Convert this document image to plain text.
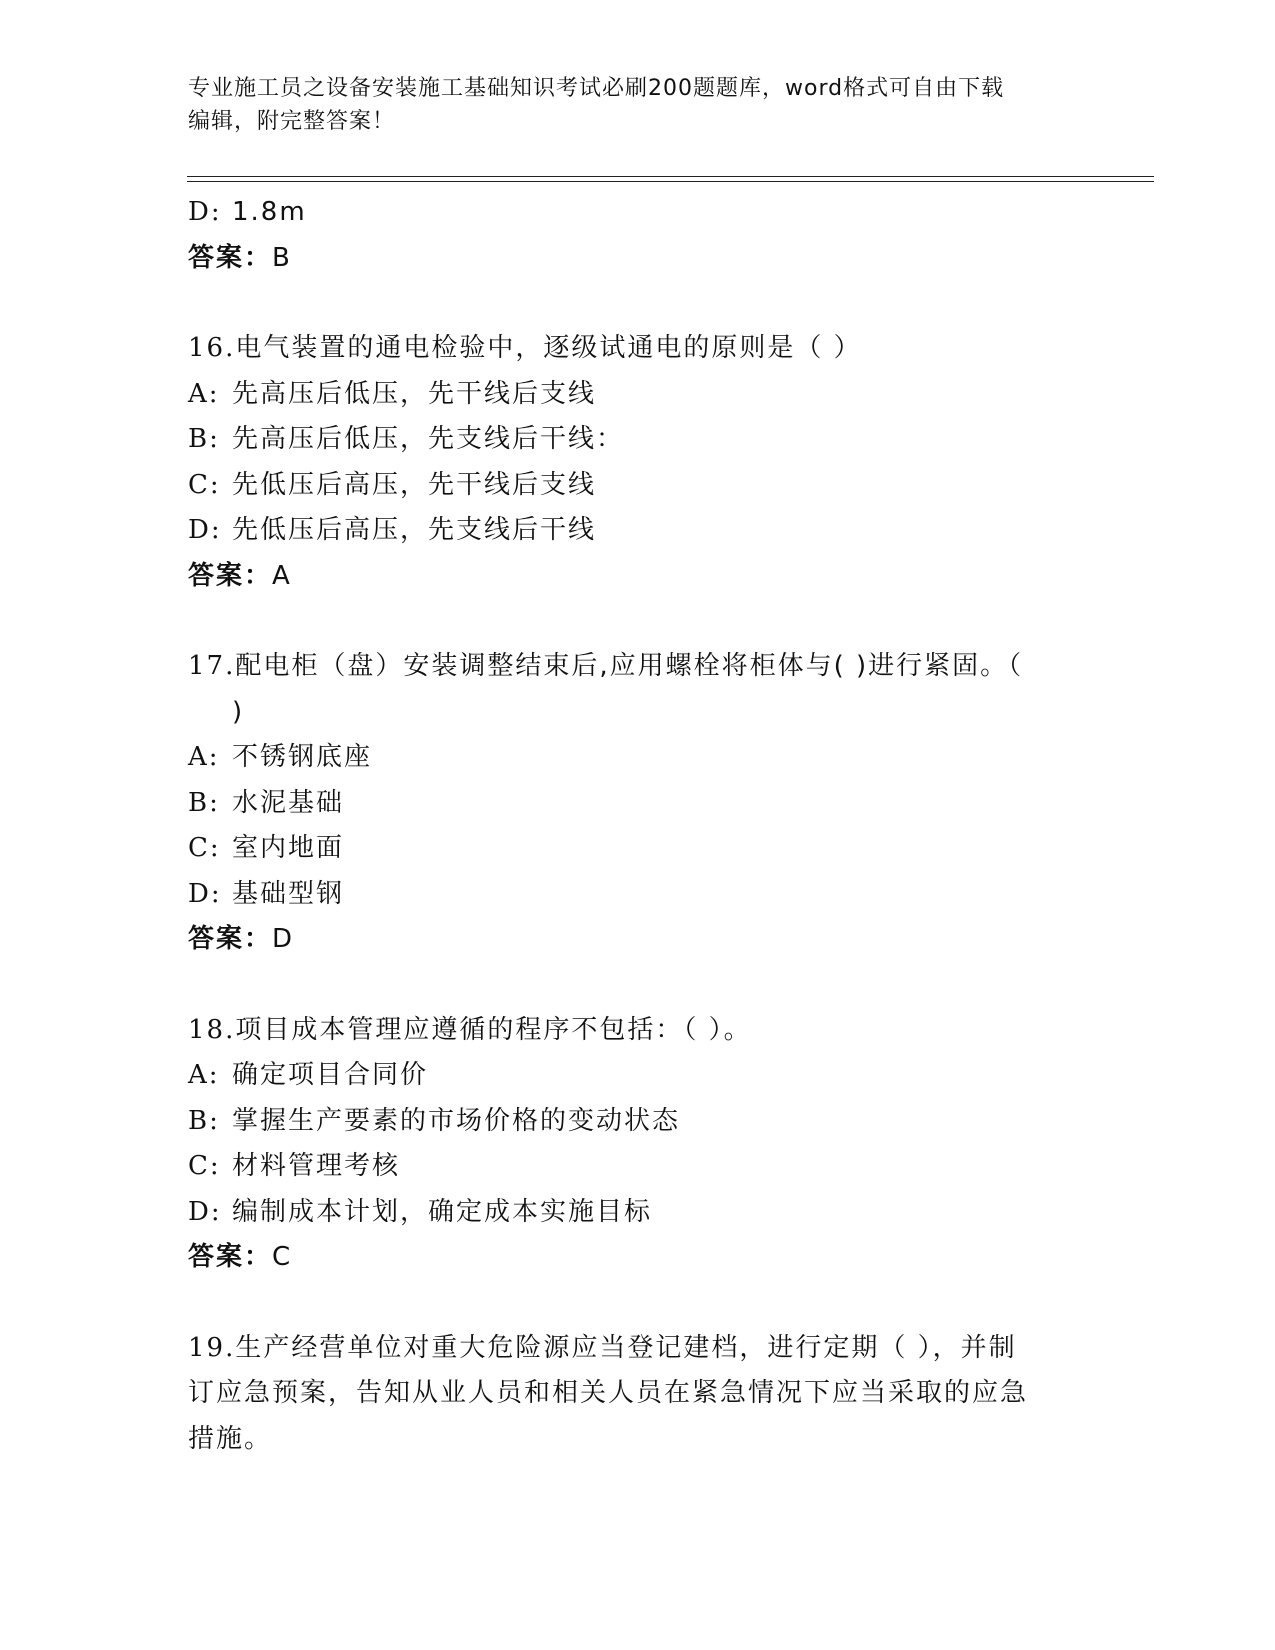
专业施工员之设备安装施工基础知识考试必刷200题题库，word格式可自由下载
编辑，附完整答案！
D: 1.8m
答案：B
16.电气装置的通电检验中，逐级试通电的原则是（ ）
A: 先高压后低压，先干线后支线
B: 先高压后低压，先支线后干线：
C: 先低压后高压，先干线后支线
D: 先低压后高压，先支线后干线
答案：A
17.配电柜（盘）安装调整结束后,应用螺栓将柜体与( )进行紧固。（
)
A: 不锈钢底座
B: 水泥基础
C: 室内地面
D: 基础型钢
答案：D
18.项目成本管理应遵循的程序不包括：（ ）。
A: 确定项目合同价
B: 掌握生产要素的市场价格的变动状态
C: 材料管理考核
D: 编制成本计划，确定成本实施目标
答案：C
19.生产经营单位对重大危险源应当登记建档，进行定期（ ），并制
订应急预案，告知从业人员和相关人员在紧急情况下应当采取的应急
措施。
